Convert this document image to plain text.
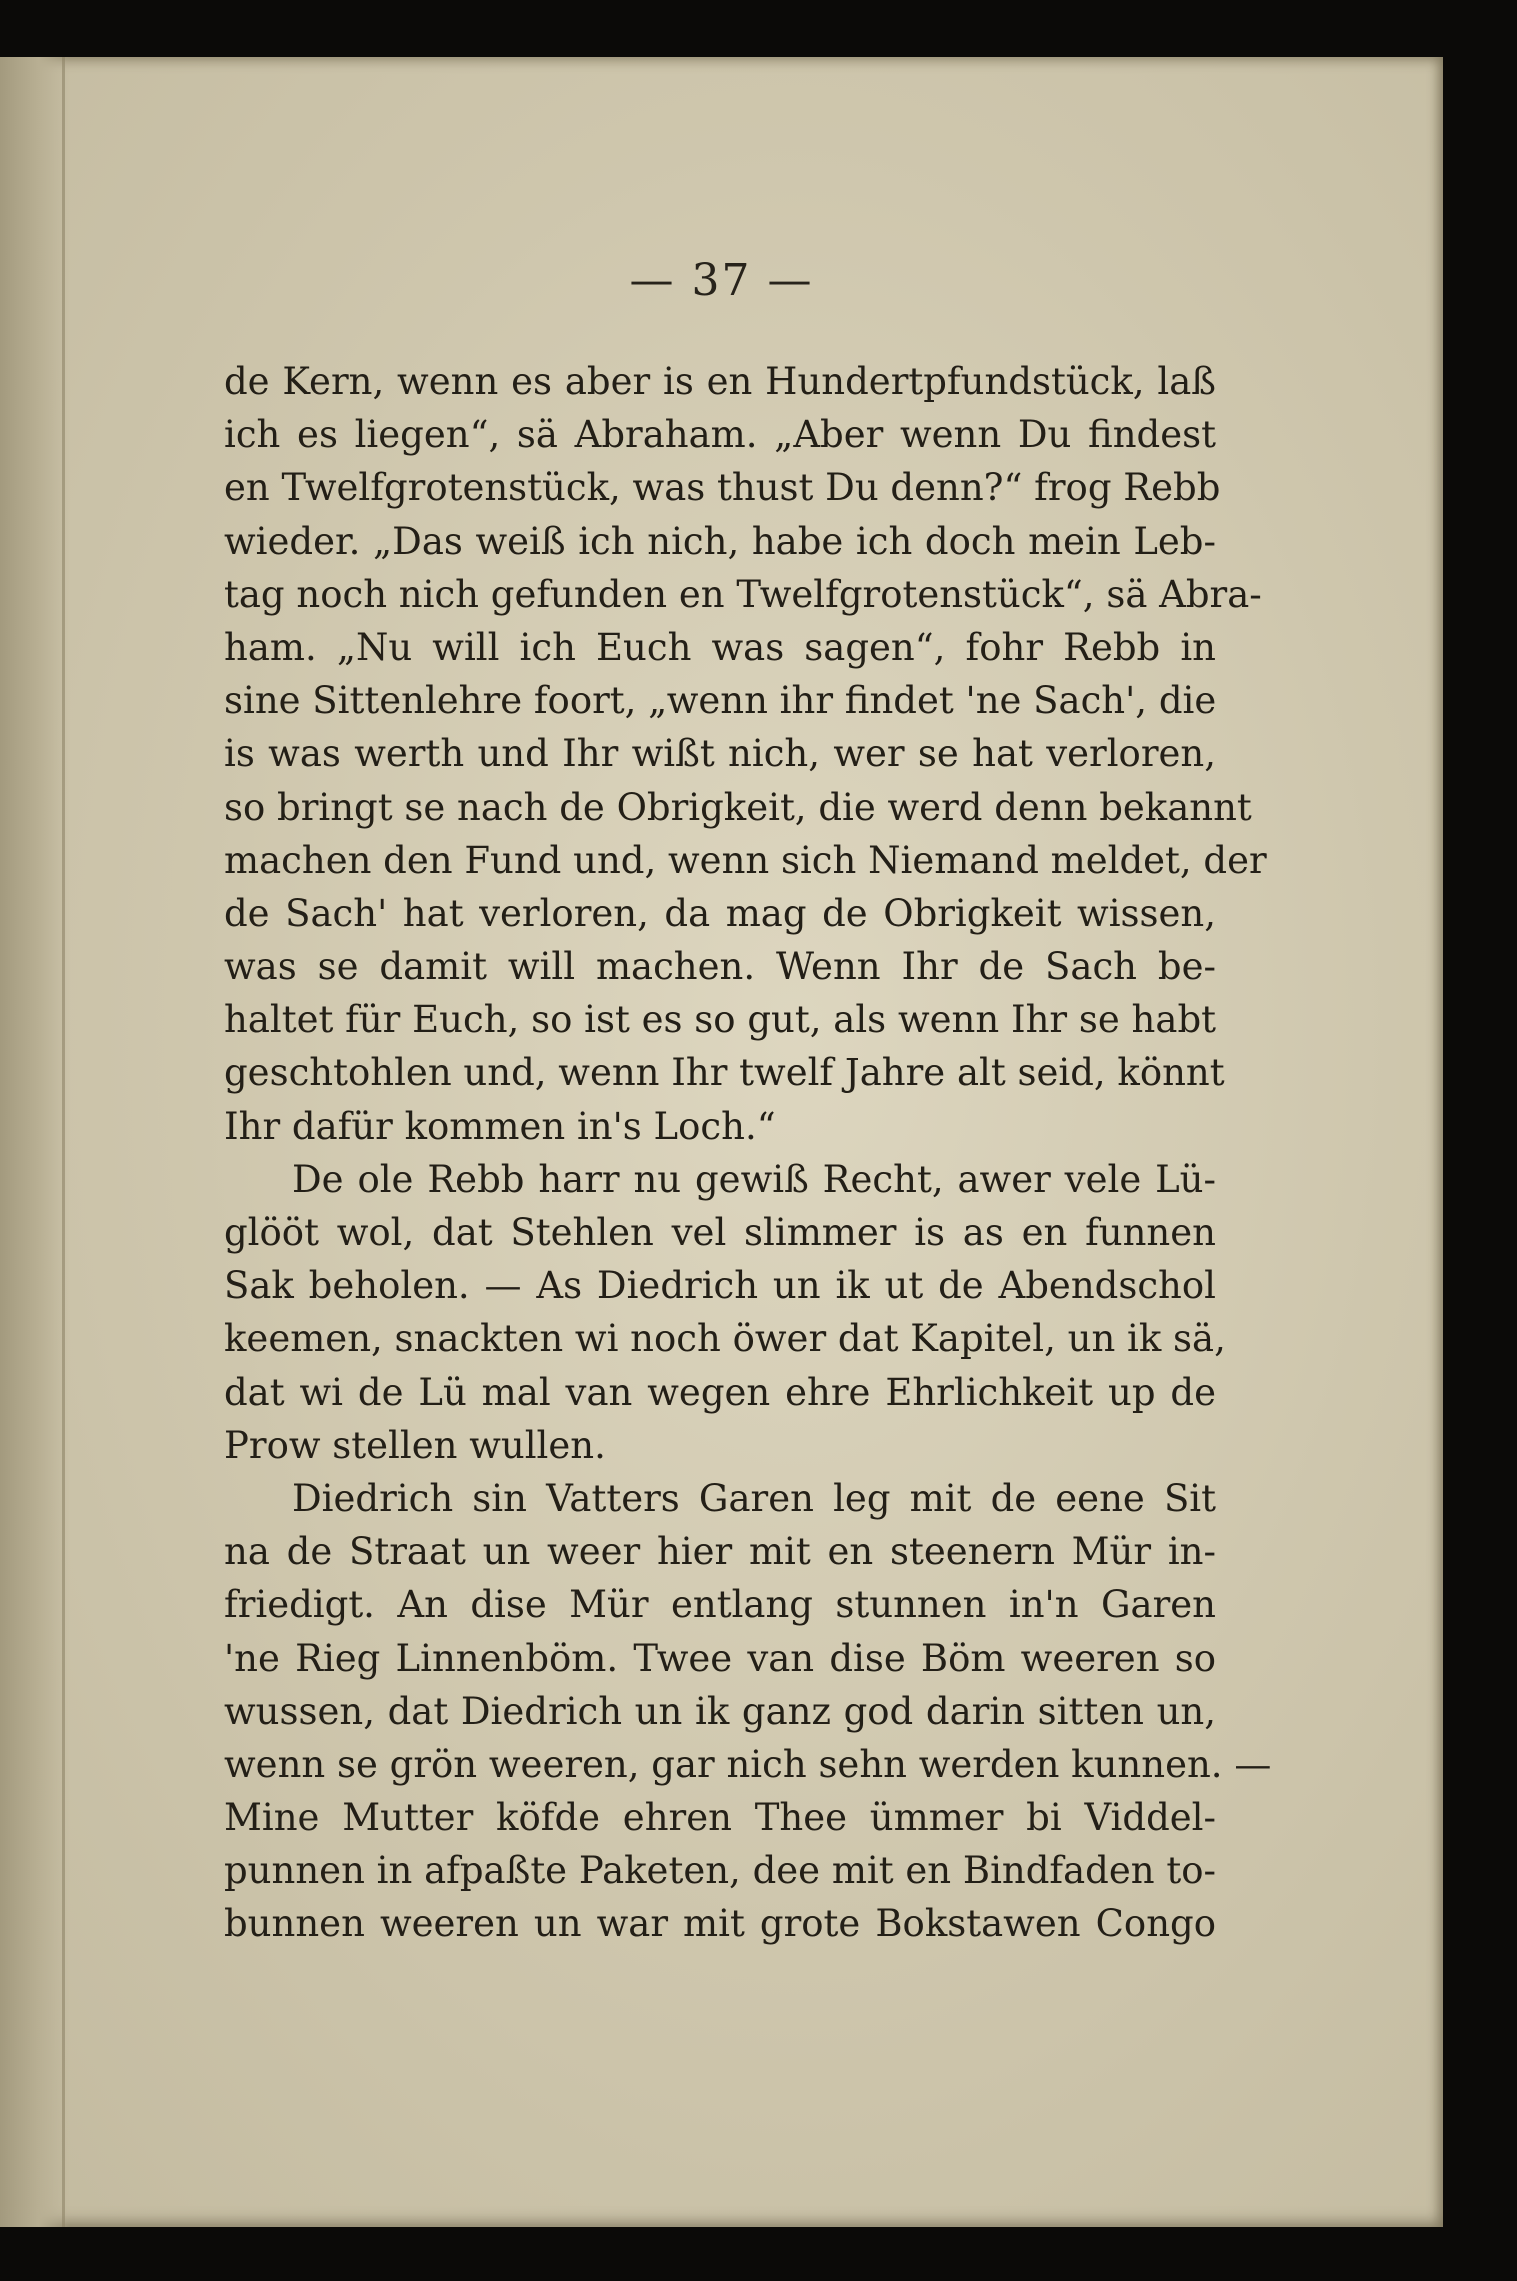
— 37 —
de Kern, wenn es aber is en Hundertpfundstück, laß
ich es liegen“, sä Abraham. „Aber wenn Du findest
en Twelfgrotenstück, was thust Du denn?“ frog Rebb
wieder. „Das weiß ich nich, habe ich doch mein Leb-
tag noch nich gefunden en Twelfgrotenstück“, sä Abra-
ham. „Nu will ich Euch was sagen“, fohr Rebb in
sine Sittenlehre foort, „wenn ihr findet 'ne Sach', die
is was werth und Ihr wißt nich, wer se hat verloren,
so bringt se nach de Obrigkeit, die werd denn bekannt
machen den Fund und, wenn sich Niemand meldet, der
de Sach' hat verloren, da mag de Obrigkeit wissen,
was se damit will machen. Wenn Ihr de Sach be-
haltet für Euch, so ist es so gut, als wenn Ihr se habt
geschtohlen und, wenn Ihr twelf Jahre alt seid, könnt
Ihr dafür kommen in's Loch.“
De ole Rebb harr nu gewiß Recht, awer vele Lü-
glööt wol, dat Stehlen vel slimmer is as en funnen
Sak beholen. — As Diedrich un ik ut de Abendschol
keemen, snackten wi noch öwer dat Kapitel, un ik sä,
dat wi de Lü mal van wegen ehre Ehrlichkeit up de
Prow stellen wullen.
Diedrich sin Vatters Garen leg mit de eene Sit
na de Straat un weer hier mit en steenern Mür in-
friedigt. An dise Mür entlang stunnen in'n Garen
'ne Rieg Linnenböm. Twee van dise Böm weeren so
wussen, dat Diedrich un ik ganz god darin sitten un,
wenn se grön weeren, gar nich sehn werden kunnen. —
Mine Mutter köfde ehren Thee ümmer bi Viddel-
punnen in afpaßte Paketen, dee mit en Bindfaden to-
bunnen weeren un war mit grote Bokstawen Congo
